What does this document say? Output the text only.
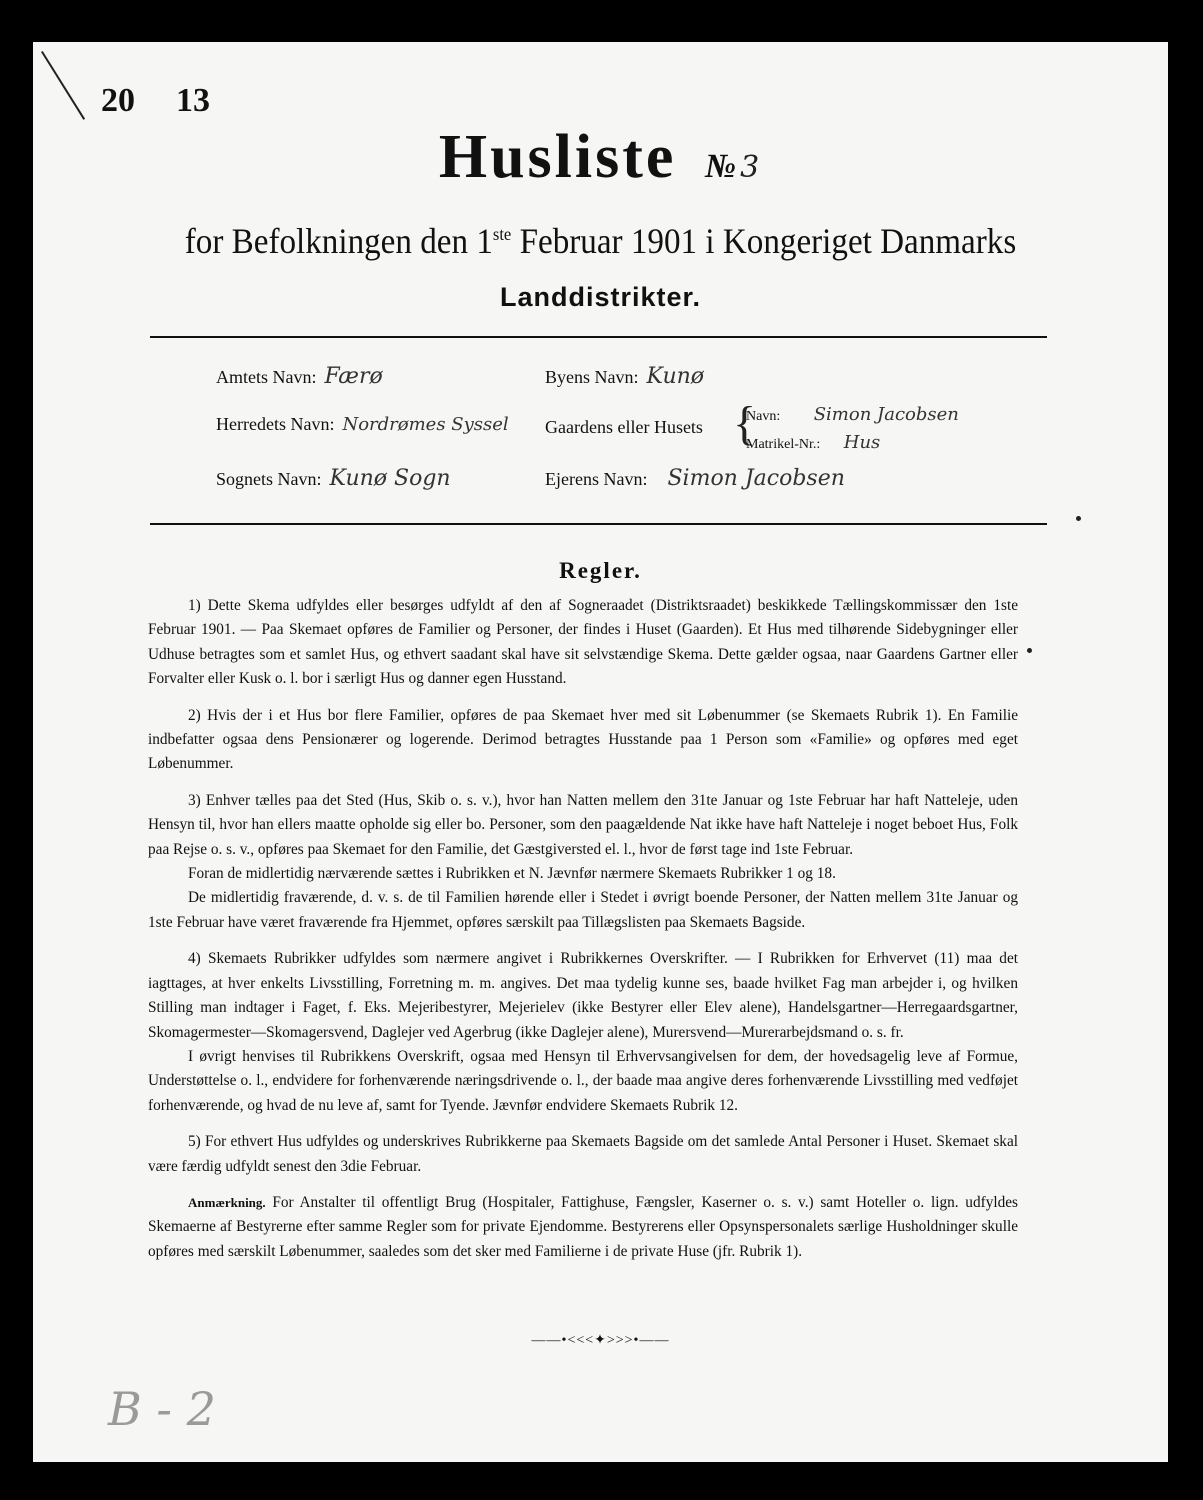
20 13
Husliste № 3
for Befolkningen den 1ste Februar 1901 i Kongeriget Danmarks
Landdistrikter.
Amtets Navn: Færø	Byens Navn: Kunø
Herredets Navn: Nordrømes Syssel Gaardens eller Husets {
Navn: Simon Jacobsen
Matrikel-Nr.: Hus
Sognets Navn: Kunø Sogn	Ejerens Navn: Simon Jacobsen
Regler.

1) Dette Skema udfyldes eller besørges udfyldt af den af Sogneraadet (Distriktsraadet) beskikkede Tællingskommissær den 1ste Februar 1901. — Paa Skemaet opføres de Familier og Personer, der findes i Huset (Gaarden). Et Hus med tilhørende Sidebygninger eller Udhuse betragtes som et samlet Hus, og ethvert saadant skal have sit selvstændige Skema. Dette gælder ogsaa, naar Gaardens Gartner eller Forvalter eller Kusk o. l. bor i særligt Hus og danner egen Husstand.

2) Hvis der i et Hus bor flere Familier, opføres de paa Skemaet hver med sit Løbenummer (se Skemaets Rubrik 1). En Familie indbefatter ogsaa dens Pensionærer og logerende. Derimod betragtes Husstande paa 1 Person som «Familie» og opføres med eget Løbenummer.

3) Enhver tælles paa det Sted (Hus, Skib o. s. v.), hvor han Natten mellem den 31te Januar og 1ste Februar har haft Natteleje, uden Hensyn til, hvor han ellers maatte opholde sig eller bo. Personer, som den paagældende Nat ikke have haft Natteleje i noget beboet Hus, Folk paa Rejse o. s. v., opføres paa Skemaet for den Familie, det Gæstgiversted el. l., hvor de først tage ind 1ste Februar.

Foran de midlertidig nærværende sættes i Rubrikken et N. Jævnfør nærmere Skemaets Rubrikker 1 og 18.

De midlertidig fraværende, d. v. s. de til Familien hørende eller i Stedet i øvrigt boende Personer, der Natten mellem 31te Januar og 1ste Februar have været fraværende fra Hjemmet, opføres særskilt paa Tillægslisten paa Skemaets Bagside.

4) Skemaets Rubrikker udfyldes som nærmere angivet i Rubrikkernes Overskrifter. — I Rubrikken for Erhvervet (11) maa det iagttages, at hver enkelts Livsstilling, Forretning m. m. angives. Det maa tydelig kunne ses, baade hvilket Fag man arbejder i, og hvilken Stilling man indtager i Faget, f. Eks. Mejeribestyrer, Mejerielev (ikke Bestyrer eller Elev alene), Handelsgartner—Herregaardsgartner, Skomagermester—Skomagersvend, Daglejer ved Agerbrug (ikke Daglejer alene), Murersvend—Murerarbejdsmand o. s. fr.

I øvrigt henvises til Rubrikkens Overskrift, ogsaa med Hensyn til Erhvervsangivelsen for dem, der hovedsagelig leve af Formue, Understøttelse o. l., endvidere for forhenværende næringsdrivende o. l., der baade maa angive deres forhenværende Livsstilling med vedføjet forhenværende, og hvad de nu leve af, samt for Tyende. Jævnfør endvidere Skemaets Rubrik 12.

5) For ethvert Hus udfyldes og underskrives Rubrikkerne paa Skemaets Bagside om det samlede Antal Personer i Huset. Skemaet skal være færdig udfyldt senest den 3die Februar.

Anmærkning. For Anstalter til offentligt Brug (Hospitaler, Fattighuse, Fængsler, Kaserner o. s. v.) samt Hoteller o. lign. udfyldes Skemaerne af Bestyrerne efter samme Regler som for private Ejendomme. Bestyrerens eller Opsynspersonalets særlige Husholdninger skulle opføres med særskilt Løbenummer, saaledes som det sker med Familierne i de private Huse (jfr. Rubrik 1).

——•<<<✦>>>•——
B - 2
